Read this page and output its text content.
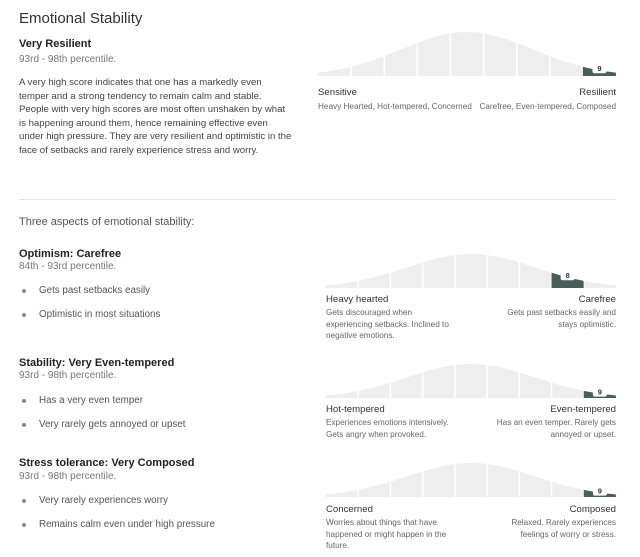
Emotional Stability
Very Resilient
93rd - 98th percentile.
A very high score indicates that one has a markedly even temper and a strong tendency to remain calm and stable. People with very high scores are most often unshaken by what is happening around them, hence remaining effective even under high pressure. They are very resilient and optimistic in the face of setbacks and rarely experience stress and worry.
9
Sensitive	Resilient
Heavy Hearted, Hot-tempered, Concerned Carefree, Even-tempered, Composed
Three aspects of emotional stability:
Optimism: Carefree
84th - 93rd percentile.
Gets past setbacks easily
Optimistic in most situations
8
Heavy hearted	Carefree
Gets discouraged when
experiencing setbacks. Inclined to
negative emotions.
Gets past setbacks easily and
stays optimistic.
Stability: Very Even-tempered
93rd - 98th percentile.
Has a very even temper
Very rarely gets annoyed or upset
9
Hot-tempered	Even-tempered
Experiences emotions intensively.
Gets angry when provoked.
Has an even temper. Rarely gets
annoyed or upset.
Stress tolerance: Very Composed
93rd - 98th percentile.
Very rarely experiences worry
Remains calm even under high pressure
9
Concerned	Composed
Worries about things that have
happened or might happen in the
future.
Relaxed. Rarely experiences
feelings of worry or stress.
